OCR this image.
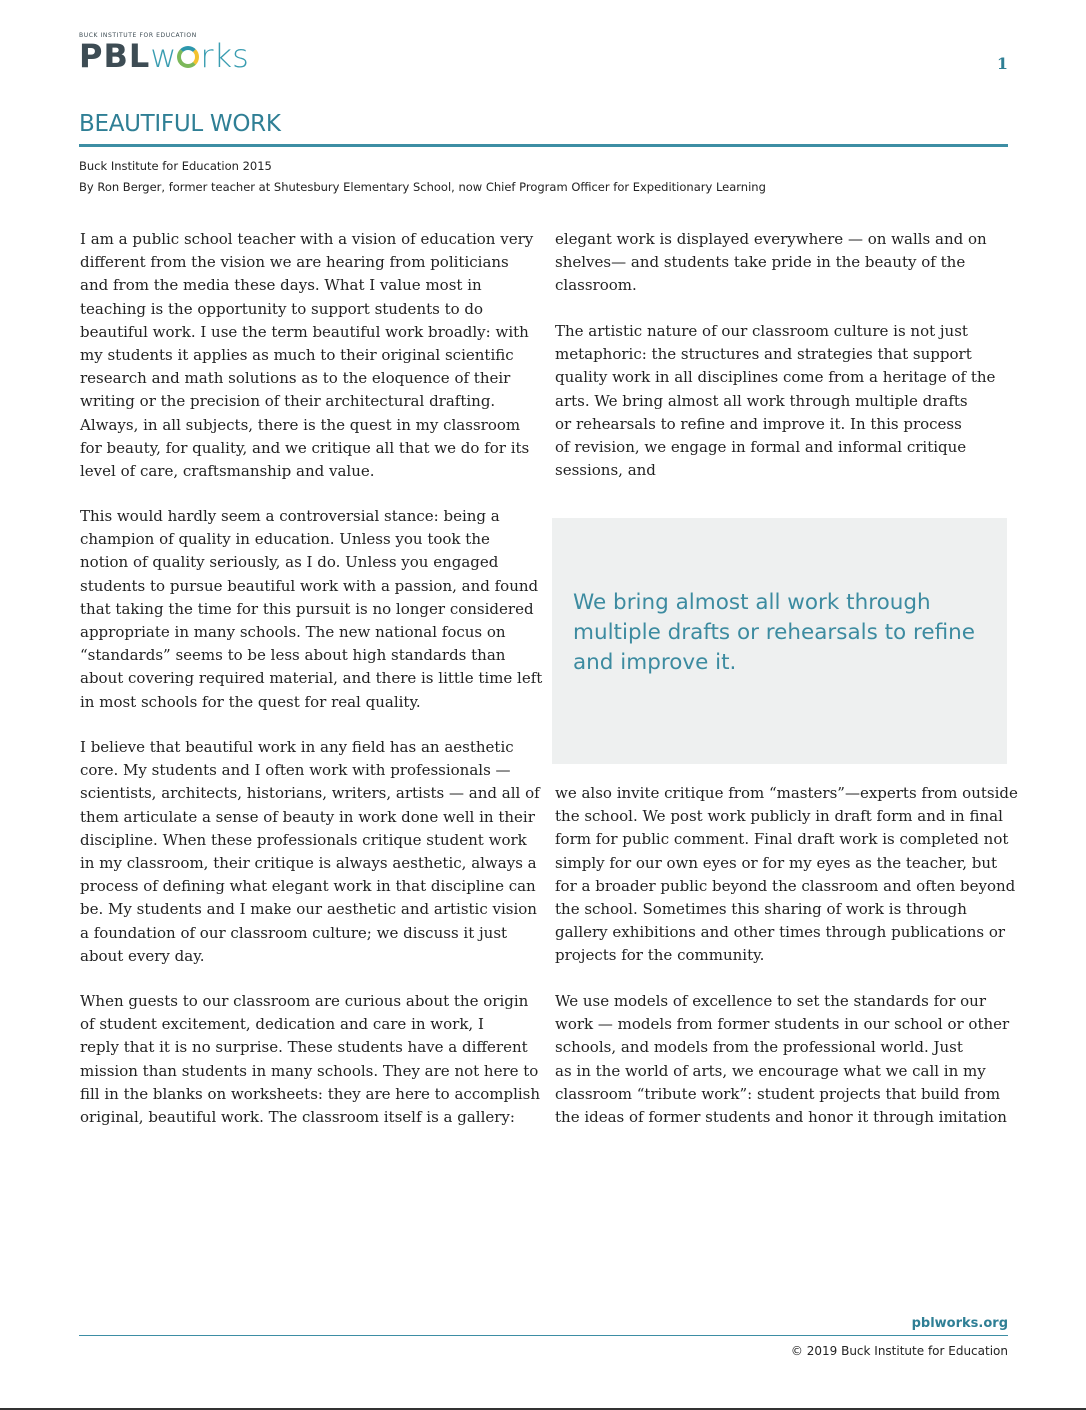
BUCK INSTITUTE FOR EDUCATION
PBLw rks	1
BEAUTIFUL WORK
Buck Institute for Education 2015
By Ron Berger, former teacher at Shutesbury Elementary School, now Chief Program Officer for Expeditionary Learning

I am a public school teacher with a vision of education very
different from the vision we are hearing from politicians
and from the media these days. What I value most in
teaching is the opportunity to support students to do
beautiful work. I use the term beautiful work broadly: with
my students it applies as much to their original scientific
research and math solutions as to the eloquence of their
writing or the precision of their architectural drafting.
Always, in all subjects, there is the quest in my classroom
for beauty, for quality, and we critique all that we do for its
level of care, craftsmanship and value.

This would hardly seem a controversial stance: being a
champion of quality in education. Unless you took the
notion of quality seriously, as I do. Unless you engaged
students to pursue beautiful work with a passion, and found
that taking the time for this pursuit is no longer considered
appropriate in many schools. The new national focus on
“standards” seems to be less about high standards than
about covering required material, and there is little time left
in most schools for the quest for real quality.

I believe that beautiful work in any field has an aesthetic
core. My students and I often work with professionals —
scientists, architects, historians, writers, artists — and all of
them articulate a sense of beauty in work done well in their
discipline. When these professionals critique student work
in my classroom, their critique is always aesthetic, always a
process of defining what elegant work in that discipline can
be. My students and I make our aesthetic and artistic vision
a foundation of our classroom culture; we discuss it just
about every day.

When guests to our classroom are curious about the origin
of student excitement, dedication and care in work, I
reply that it is no surprise. These students have a different
mission than students in many schools. They are not here to
fill in the blanks on worksheets: they are here to accomplish
original, beautiful work. The classroom itself is a gallery:

elegant work is displayed everywhere — on walls and on
shelves— and students take pride in the beauty of the
classroom.

The artistic nature of our classroom culture is not just
metaphoric: the structures and strategies that support
quality work in all disciplines come from a heritage of the
arts. We bring almost all work through multiple drafts
or rehearsals to refine and improve it. In this process
of revision, we engage in formal and informal critique
sessions, and

We bring almost all work through
multiple drafts or rehearsals to refine
and improve it.

we also invite critique from “masters”—experts from outside
the school. We post work publicly in draft form and in final
form for public comment. Final draft work is completed not
simply for our own eyes or for my eyes as the teacher, but
for a broader public beyond the classroom and often beyond
the school. Sometimes this sharing of work is through
gallery exhibitions and other times through publications or
projects for the community.

We use models of excellence to set the standards for our
work — models from former students in our school or other
schools, and models from the professional world. Just
as in the world of arts, we encourage what we call in my
classroom “tribute work”: student projects that build from
the ideas of former students and honor it through imitation

pblworks.org
© 2019 Buck Institute for Education
